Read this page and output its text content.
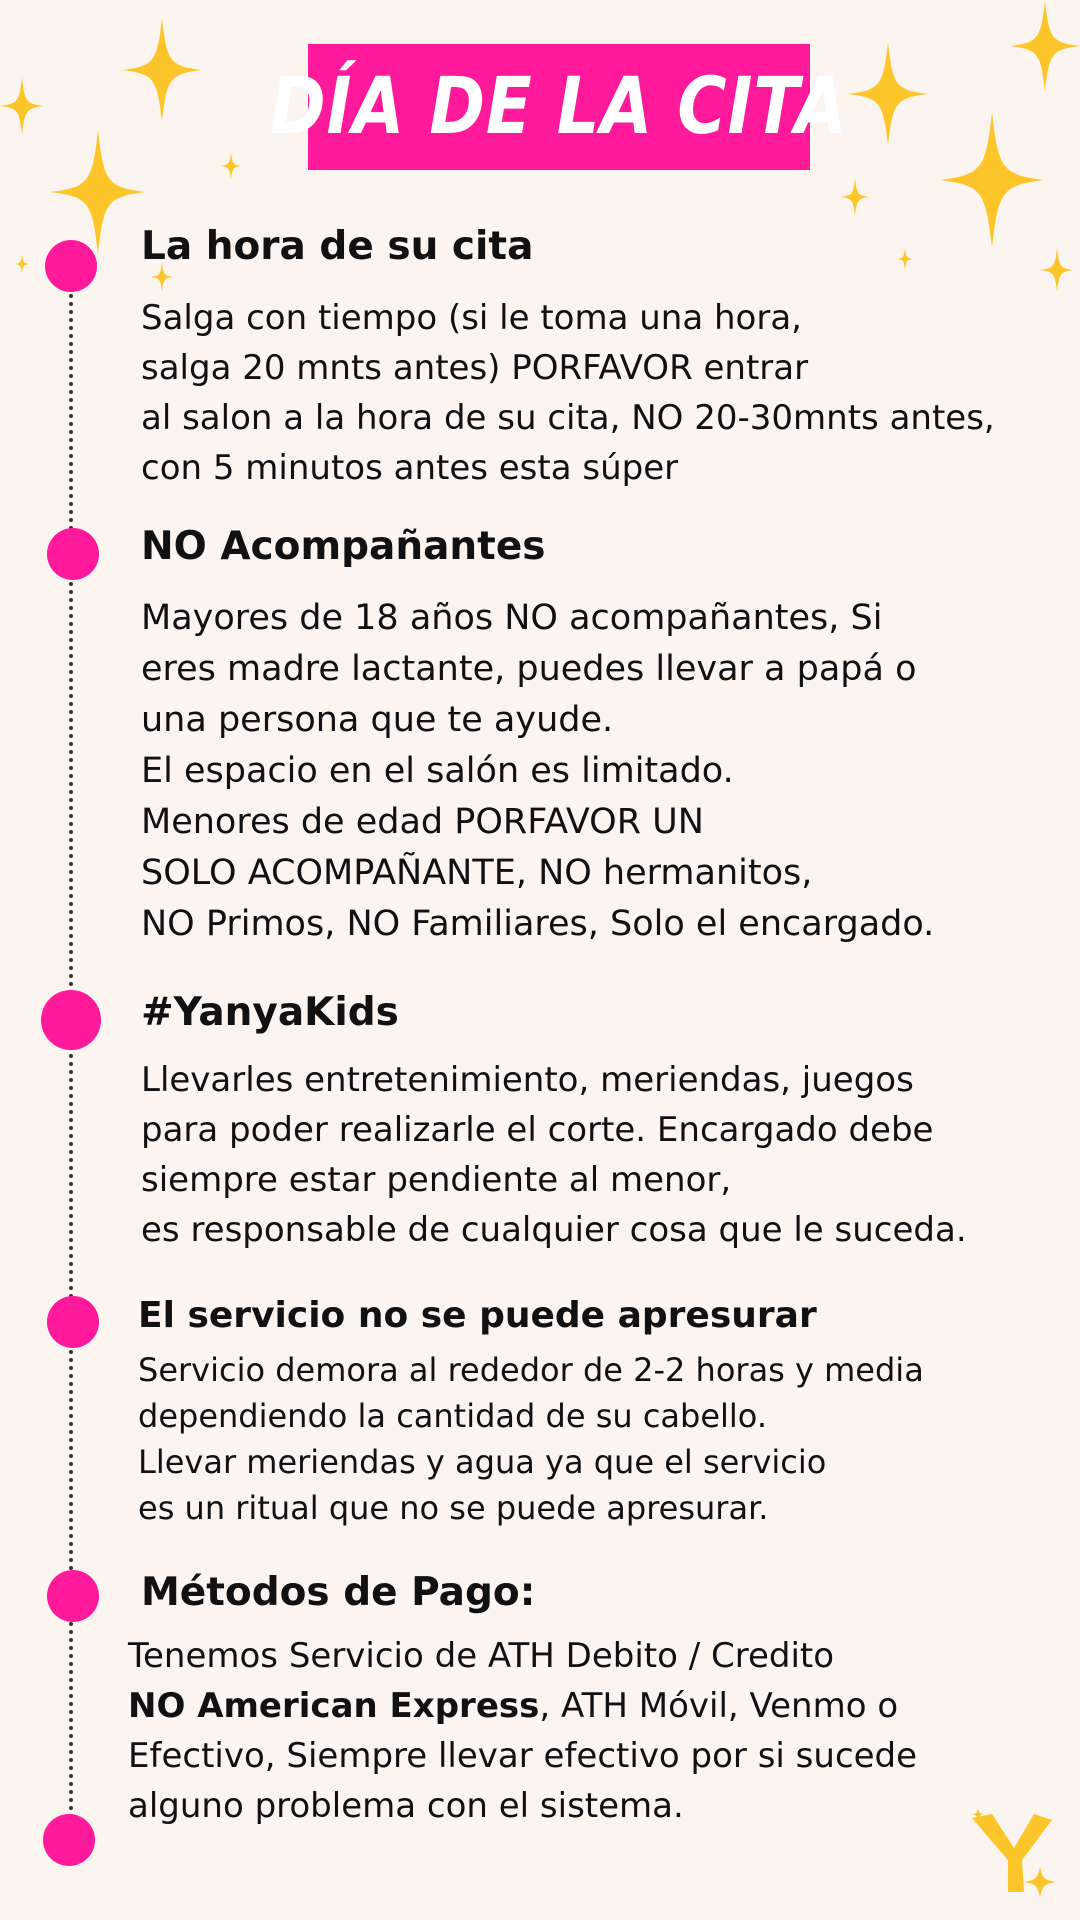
DÍA DE LA CITA
La hora de su cita

Salga con tiempo (si le toma una hora,
salga 20 mnts antes) PORFAVOR entrar
al salon a la hora de su cita, NO 20-30mnts antes,
con 5 minutos antes esta súper

NO Acompañantes

Mayores de 18 años NO acompañantes, Si
eres madre lactante, puedes llevar a papá o
una persona que te ayude.
El espacio en el salón es limitado.
Menores de edad PORFAVOR UN
SOLO ACOMPAÑANTE, NO hermanitos,
NO Primos, NO Familiares, Solo el encargado.

#YanyaKids

Llevarles entretenimiento, meriendas, juegos
para poder realizarle el corte. Encargado debe
siempre estar pendiente al menor,
es responsable de cualquier cosa que le suceda.

El servicio no se puede apresurar

Servicio demora al rededor de 2-2 horas y media
dependiendo la cantidad de su cabello.
Llevar meriendas y agua ya que el servicio
es un ritual que no se puede apresurar.

Métodos de Pago:

Tenemos Servicio de ATH Debito / Credito

NO American Express, ATH Móvil, Venmo o

Efectivo, Siempre llevar efectivo por si sucede
alguno problema con el sistema.
